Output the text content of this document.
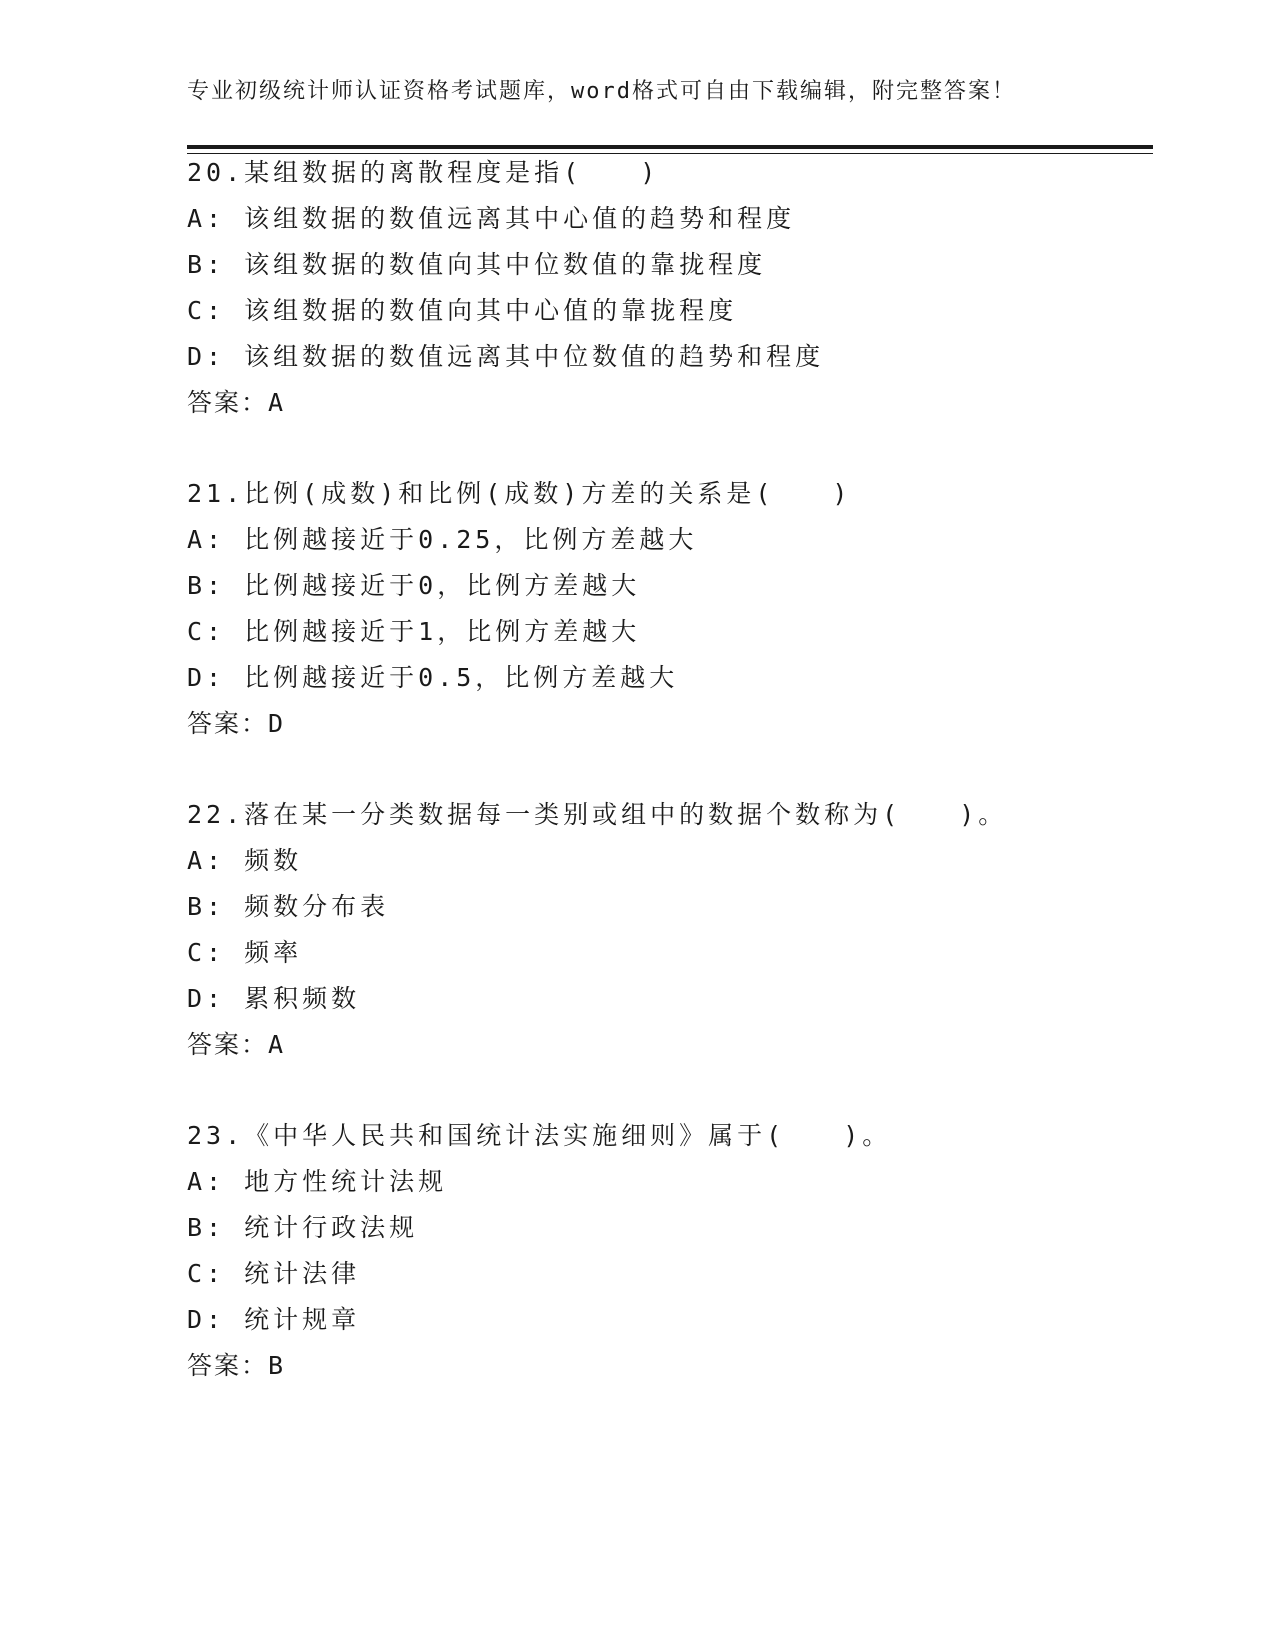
专业初级统计师认证资格考试题库，word格式可自由下载编辑，附完整答案！
20.某组数据的离散程度是指(　　)
A: 该组数据的数值远离其中心值的趋势和程度
B: 该组数据的数值向其中位数值的靠拢程度
C: 该组数据的数值向其中心值的靠拢程度
D: 该组数据的数值远离其中位数值的趋势和程度
答案：A
21.比例(成数)和比例(成数)方差的关系是(　　)
A: 比例越接近于0.25，比例方差越大
B: 比例越接近于0，比例方差越大
C: 比例越接近于1，比例方差越大
D: 比例越接近于0.5，比例方差越大
答案：D
22.落在某一分类数据每一类别或组中的数据个数称为(　　)。
A: 频数
B: 频数分布表
C: 频率
D: 累积频数
答案：A
23.《中华人民共和国统计法实施细则》属于(　　)。
A: 地方性统计法规
B: 统计行政法规
C: 统计法律
D: 统计规章
答案：B
